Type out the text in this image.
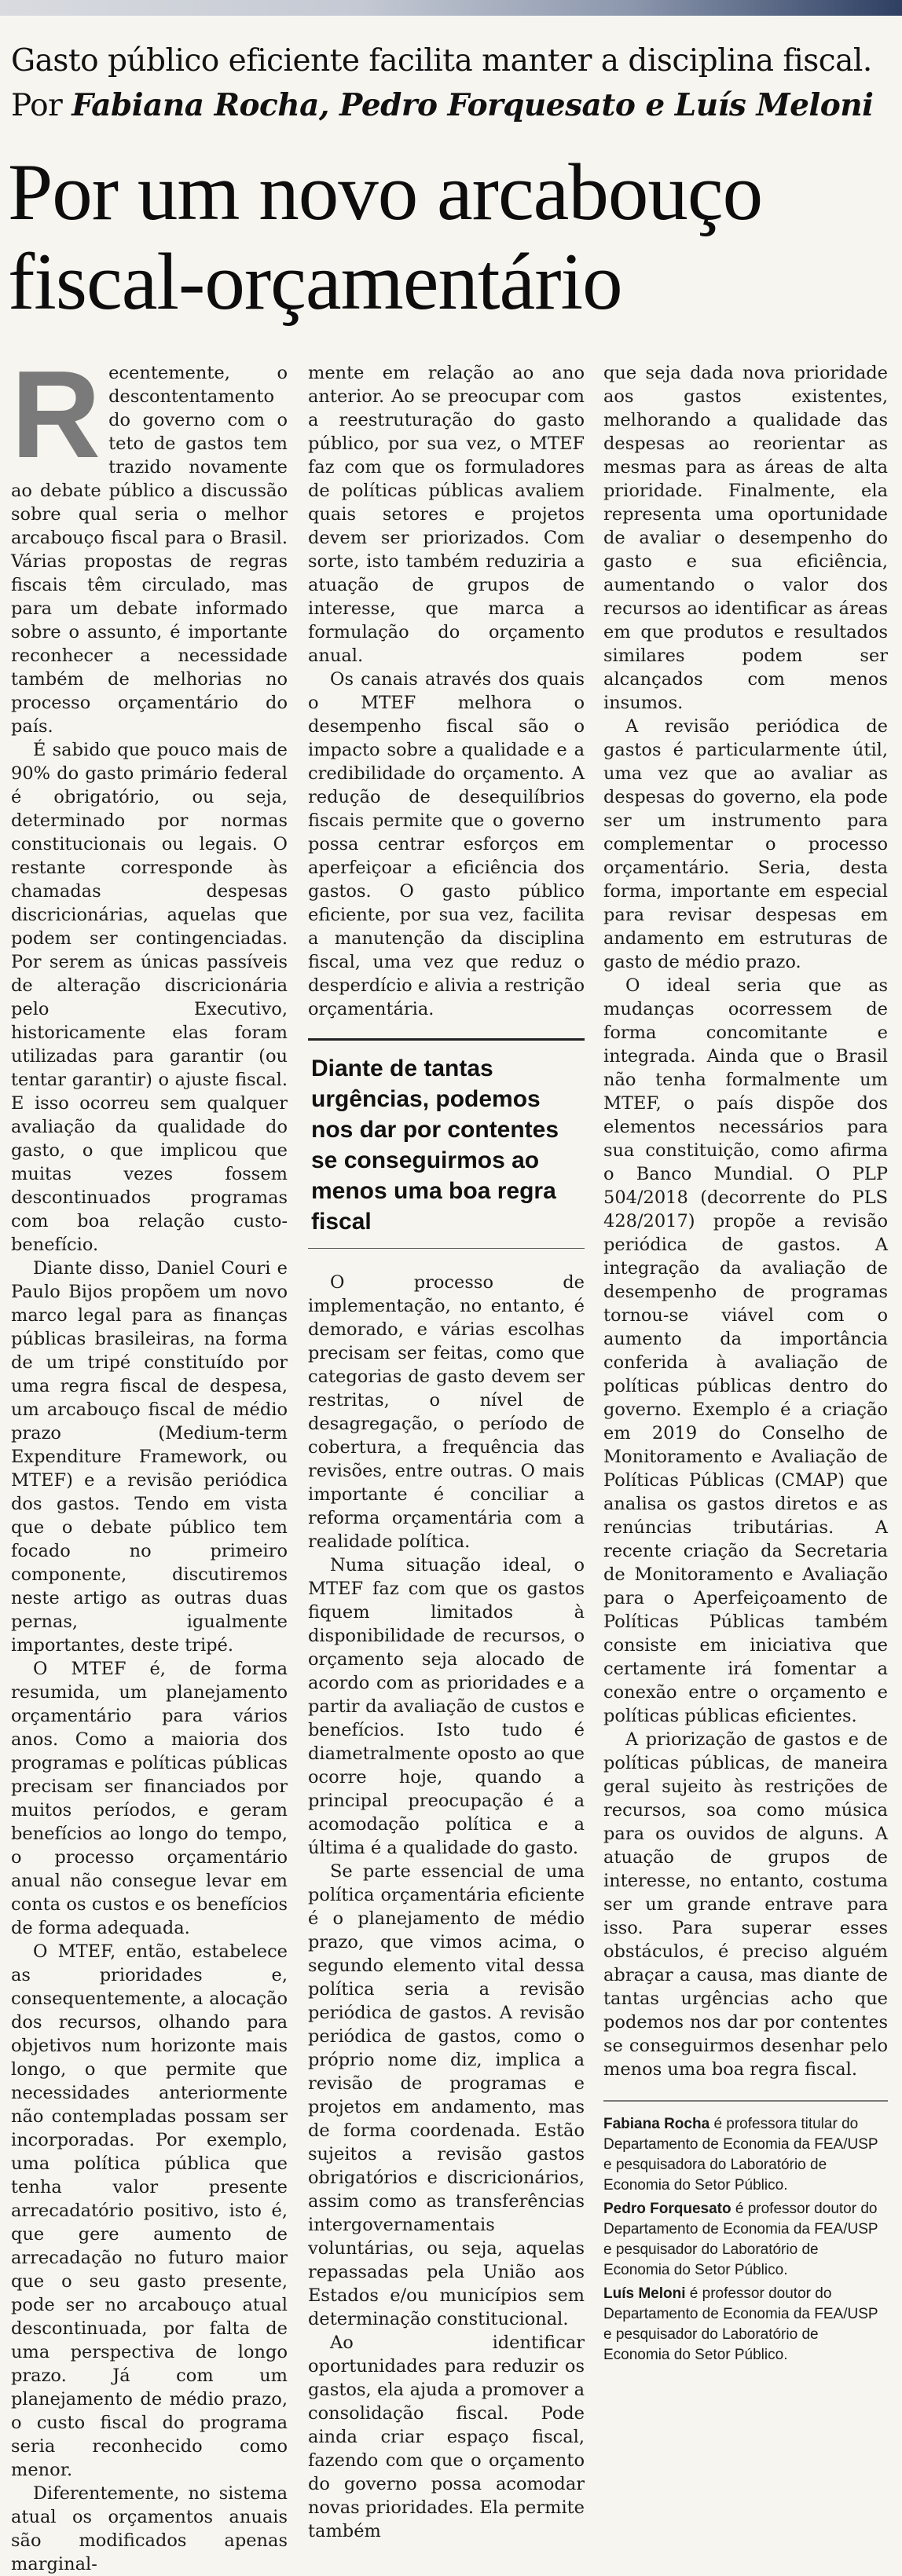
Gasto público eficiente facilita manter a disciplina fiscal.
Por Fabiana Rocha, Pedro Forquesato e Luís Meloni
Por um novo arcabouço
fiscal-orçamentário

Recentemente, o descontentamento do governo com o teto de gastos tem trazido novamente ao debate público a discussão sobre qual seria o melhor arcabouço fiscal para o Brasil. Várias propostas de regras fiscais têm circulado, mas para um debate informado sobre o assunto, é importante reconhecer a necessidade também de melhorias no processo orçamentário do país.

É sabido que pouco mais de 90% do gasto primário federal é obrigatório, ou seja, determinado por normas constitucionais ou legais. O restante corresponde às chamadas despesas discricionárias, aquelas que podem ser contingenciadas. Por serem as únicas passíveis de alteração discricionária pelo Executivo, historicamente elas foram utilizadas para garantir (ou tentar garantir) o ajuste fiscal. E isso ocorreu sem qualquer avaliação da qualidade do gasto, o que implicou que muitas vezes fossem descontinuados programas com boa relação custo-benefício.

Diante disso, Daniel Couri e Paulo Bijos propõem um novo marco legal para as finanças públicas brasileiras, na forma de um tripé constituído por uma regra fiscal de despesa, um arcabouço fiscal de médio prazo (Medium-term Expenditure Framework, ou MTEF) e a revisão periódica dos gastos. Tendo em vista que o debate público tem focado no primeiro componente, discutiremos neste artigo as outras duas pernas, igualmente importantes, deste tripé.

O MTEF é, de forma resumida, um planejamento orçamentário para vários anos. Como a maioria dos programas e políticas públicas precisam ser financiados por muitos períodos, e geram benefícios ao longo do tempo, o processo orçamentário anual não consegue levar em conta os custos e os benefícios de forma adequada.

O MTEF, então, estabelece as prioridades e, consequentemente, a alocação dos recursos, olhando para objetivos num horizonte mais longo, o que permite que necessidades anteriormente não contempladas possam ser incorporadas. Por exemplo, uma política pública que tenha valor presente arrecadatório positivo, isto é, que gere aumento de arrecadação no futuro maior que o seu gasto presente, pode ser no arcabouço atual descontinuada, por falta de uma perspectiva de longo prazo. Já com um planejamento de médio prazo, o custo fiscal do programa seria reconhecido como menor.

Diferentemente, no sistema atual os orçamentos anuais são modificados apenas marginal-

mente em relação ao ano anterior. Ao se preocupar com a reestruturação do gasto público, por sua vez, o MTEF faz com que os formuladores de políticas públicas avaliem quais setores e projetos devem ser priorizados. Com sorte, isto também reduziria a atuação de grupos de interesse, que marca a formulação do orçamento anual.

Os canais através dos quais o MTEF melhora o desempenho fiscal são o impacto sobre a qualidade e a credibilidade do orçamento. A redução de desequilíbrios fiscais permite que o governo possa centrar esforços em aperfeiçoar a eficiência dos gastos. O gasto público eficiente, por sua vez, facilita a manutenção da disciplina fiscal, uma vez que reduz o desperdício e alivia a restrição orçamentária.

Diante de tantas urgências, podemos nos dar por contentes se conseguirmos ao menos uma boa regra fiscal

O processo de implementação, no entanto, é demorado, e várias escolhas precisam ser feitas, como que categorias de gasto devem ser restritas, o nível de desagregação, o período de cobertura, a frequência das revisões, entre outras. O mais importante é conciliar a reforma orçamentária com a realidade política.

Numa situação ideal, o MTEF faz com que os gastos fiquem limitados à disponibilidade de recursos, o orçamento seja alocado de acordo com as prioridades e a partir da avaliação de custos e benefícios. Isto tudo é diametralmente oposto ao que ocorre hoje, quando a principal preocupação é a acomodação política e a última é a qualidade do gasto.

Se parte essencial de uma política orçamentária eficiente é o planejamento de médio prazo, que vimos acima, o segundo elemento vital dessa política seria a revisão periódica de gastos. A revisão periódica de gastos, como o próprio nome diz, implica a revisão de programas e projetos em andamento, mas de forma coordenada. Estão sujeitos a revisão gastos obrigatórios e discricionários, assim como as transferências intergovernamentais voluntárias, ou seja, aquelas repassadas pela União aos Estados e/ou municípios sem determinação constitucional.

Ao identificar oportunidades para reduzir os gastos, ela ajuda a promover a consolidação fiscal. Pode ainda criar espaço fiscal, fazendo com que o orçamento do governo possa acomodar novas prioridades. Ela permite também

que seja dada nova prioridade aos gastos existentes, melhorando a qualidade das despesas ao reorientar as mesmas para as áreas de alta prioridade. Finalmente, ela representa uma oportunidade de avaliar o desempenho do gasto e sua eficiência, aumentando o valor dos recursos ao identificar as áreas em que produtos e resultados similares podem ser alcançados com menos insumos.

A revisão periódica de gastos é particularmente útil, uma vez que ao avaliar as despesas do governo, ela pode ser um instrumento para complementar o processo orçamentário. Seria, desta forma, importante em especial para revisar despesas em andamento em estruturas de gasto de médio prazo.

O ideal seria que as mudanças ocorressem de forma concomitante e integrada. Ainda que o Brasil não tenha formalmente um MTEF, o país dispõe dos elementos necessários para sua constituição, como afirma o Banco Mundial. O PLP 504/2018 (decorrente do PLS 428/2017) propõe a revisão periódica de gastos. A integração da avaliação de desempenho de programas tornou-se viável com o aumento da importância conferida à avaliação de políticas públicas dentro do governo. Exemplo é a criação em 2019 do Conselho de Monitoramento e Avaliação de Políticas Públicas (CMAP) que analisa os gastos diretos e as renúncias tributárias. A recente criação da Secretaria de Monitoramento e Avaliação para o Aperfeiçoamento de Políticas Públicas também consiste em iniciativa que certamente irá fomentar a conexão entre o orçamento e políticas públicas eficientes.

A priorização de gastos e de políticas públicas, de maneira geral sujeito às restrições de recursos, soa como música para os ouvidos de alguns. A atuação de grupos de interesse, no entanto, costuma ser um grande entrave para isso. Para superar esses obstáculos, é preciso alguém abraçar a causa, mas diante de tantas urgências acho que podemos nos dar por contentes se conseguirmos desenhar pelo menos uma boa regra fiscal.

Fabiana Rocha é professora titular do Departamento de Economia da FEA/USP e pesquisadora do Laboratório de Economia do Setor Público.

Pedro Forquesato é professor doutor do Departamento de Economia da FEA/USP e pesquisador do Laboratório de Economia do Setor Público.

Luís Meloni é professor doutor do Departamento de Economia da FEA/USP e pesquisador do Laboratório de Economia do Setor Público.
